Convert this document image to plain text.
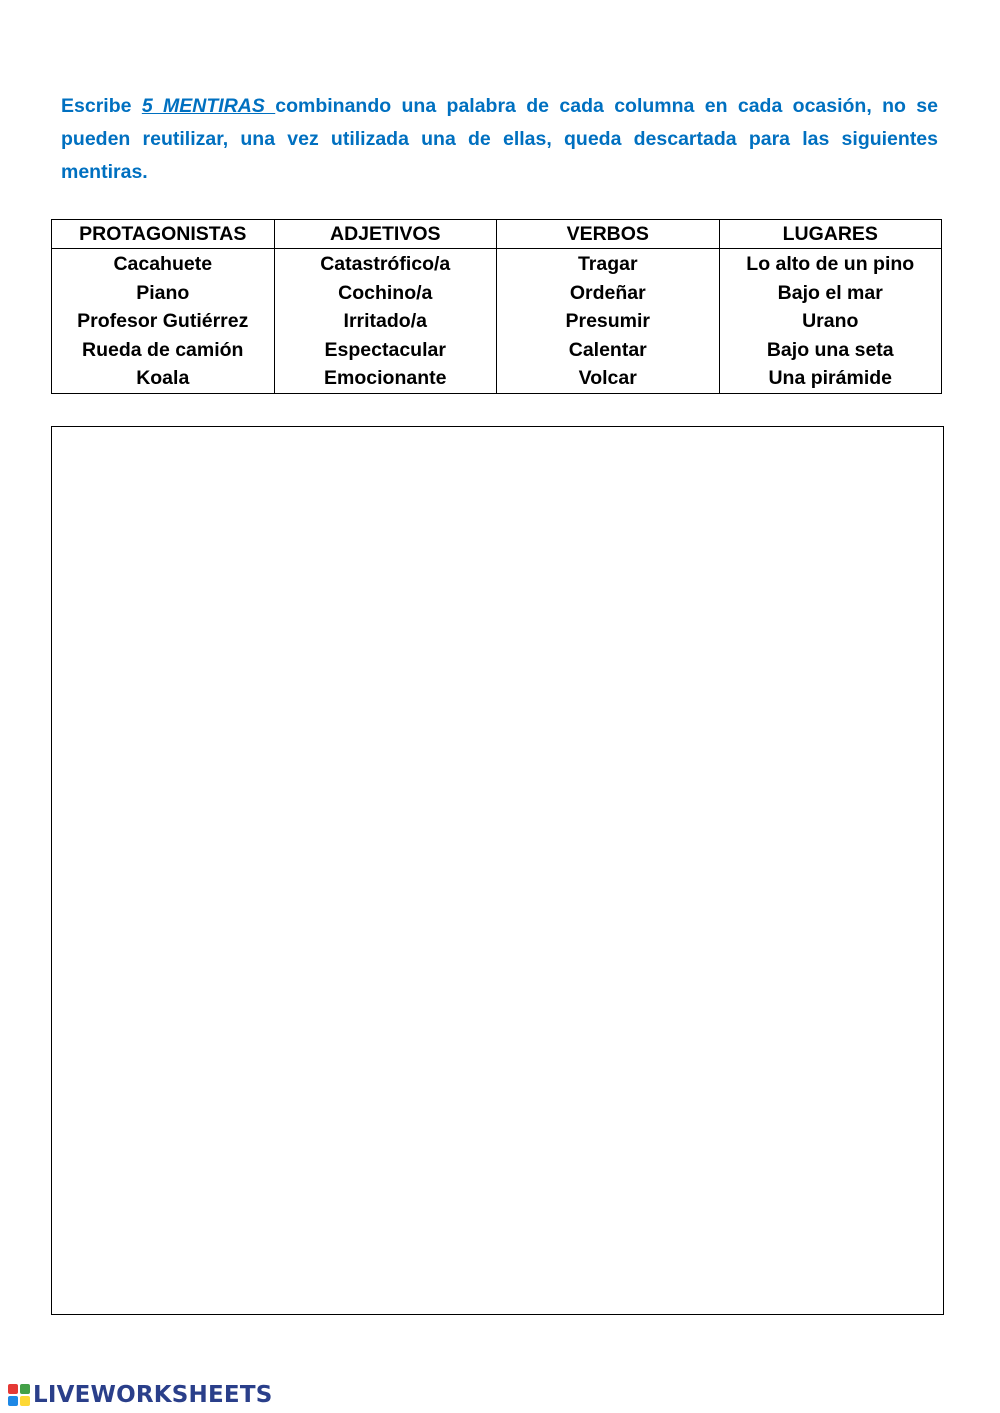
Escribe 5 MENTIRAS combinando una palabra de cada columna en cada ocasión, no se pueden reutilizar, una vez utilizada una de ellas, queda descartada para las siguientes mentiras.

PROTAGONISTAS	ADJETIVOS	VERBOS	LUGARES
Cacahuete	Catastrófico/a	Tragar	Lo alto de un pino
Piano	Cochino/a	Ordeñar	Bajo el mar
Profesor Gutiérrez	Irritado/a	Presumir	Urano
Rueda de camión	Espectacular	Calentar	Bajo una seta
Koala	Emocionante	Volcar	Una pirámide
LIVEWORKSHEETS
